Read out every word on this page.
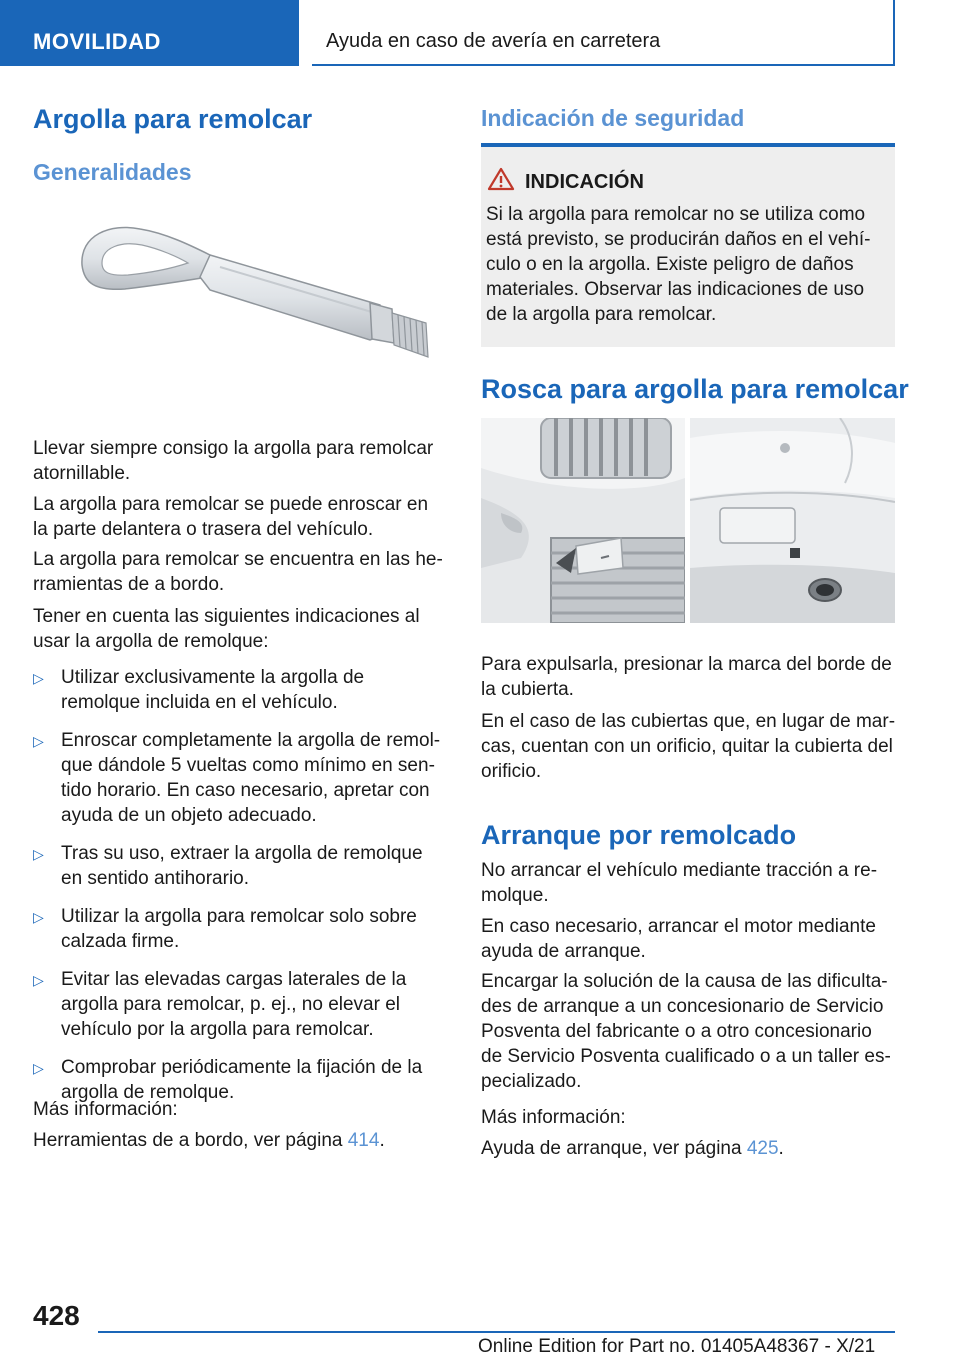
MOVILIDAD	Ayuda en caso de avería en carretera
Argolla para remolcar
Generalidades
Llevar siempre consigo la argolla para remolcar atornillable.
La argolla para remolcar se puede enroscar en la parte delantera o trasera del vehículo.
La argolla para remolcar se encuentra en las herramientas de a bordo.
Tener en cuenta las siguientes indicaciones al usar la argolla de remolque:
▷ Utilizar exclusivamente la argolla de remolque incluida en el vehículo.
▷ Enroscar completamente la argolla de remolque dándole 5 vueltas como mínimo en sentido horario. En caso necesario, apretar con ayuda de un objeto adecuado.
▷ Tras su uso, extraer la argolla de remolque en sentido antihorario.
▷ Utilizar la argolla para remolcar solo sobre calzada firme.
▷ Evitar las elevadas cargas laterales de la argolla para remolcar, p. ej., no elevar el vehículo por la argolla para remolcar.
▷ Comprobar periódicamente la fijación de la argolla de remolque.
Más información:
Herramientas de a bordo, ver página 414.
Indicación de seguridad
INDICACIÓN
Si la argolla para remolcar no se utiliza como está previsto, se producirán daños en el vehículo o en la argolla. Existe peligro de daños materiales. Observar las indicaciones de uso de la argolla para remolcar.
Rosca para argolla para remolcar
Para expulsarla, presionar la marca del borde de la cubierta.
En el caso de las cubiertas que, en lugar de marcas, cuentan con un orificio, quitar la cubierta del orificio.
Arranque por remolcado
No arrancar el vehículo mediante tracción a remolque.
En caso necesario, arrancar el motor mediante ayuda de arranque.
Encargar la solución de la causa de las dificultades de arranque a un concesionario de Servicio Posventa del fabricante o a otro concesionario de Servicio Posventa cualificado o a un taller especializado.
Más información:
Ayuda de arranque, ver página 425.
428
Online Edition for Part no. 01405A48367 - X/21
